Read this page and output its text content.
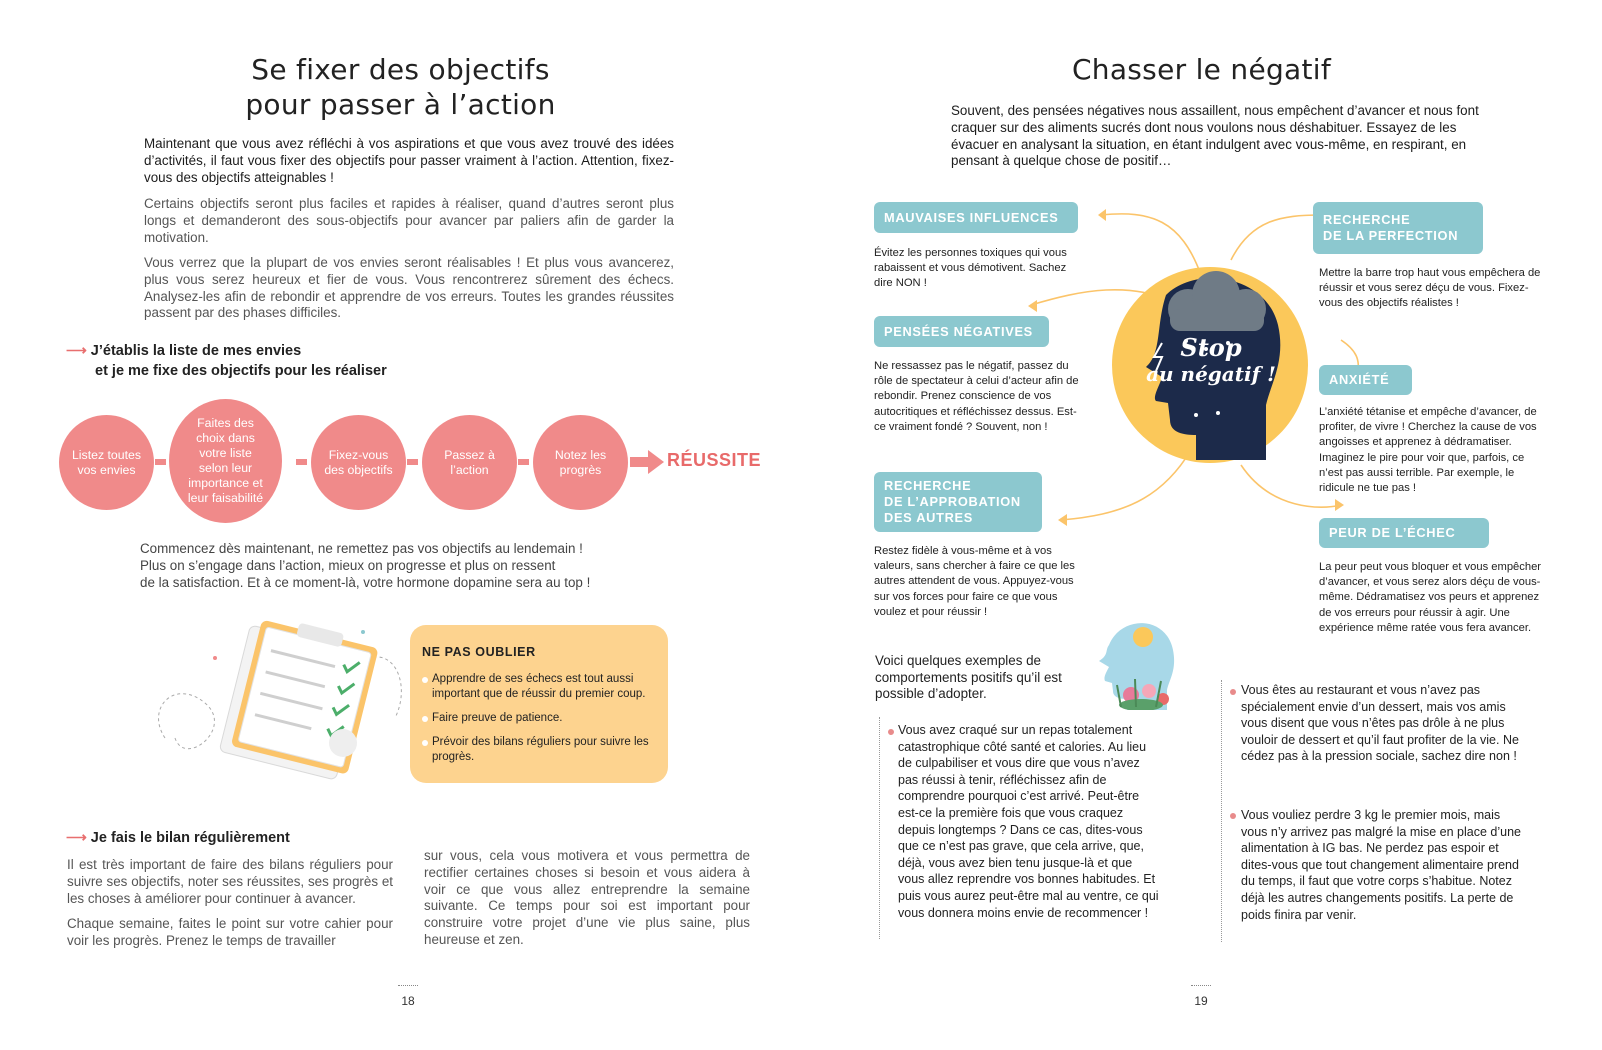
Se fixer des objectifs
pour passer à l’action
Maintenant que vous avez réfléchi à vos aspirations et que vous avez trouvé des idées d’activités, il faut vous fixer des objectifs pour passer vraiment à l’action. Attention, fixez-vous des objectifs atteignables !
Certains objectifs seront plus faciles et rapides à réaliser, quand d’autres seront plus longs et demanderont des sous-objectifs pour avancer par paliers afin de garder la motivation.
Vous verrez que la plupart de vos envies seront réalisables ! Et plus vous avancerez, plus vous serez heureux et fier de vous. Vous rencontrerez sûrement des échecs. Analysez-les afin de rebondir et apprendre de vos erreurs. Toutes les grandes réussites passent par des phases difficiles.
⟶ J’établis la liste de mes envies
et je me fixe des objectifs pour les réaliser
Listez toutes vos envies
Faites des choix dans votre liste selon leur importance et leur faisabilité
Fixez-vous des objectifs
Passez à l’action
Notez les progrès	RÉUSSITE
Commencez dès maintenant, ne remettez pas vos objectifs au lendemain !
Plus on s’engage dans l’action, mieux on progresse et plus on ressent
de la satisfaction. Et à ce moment-là, votre hormone dopamine sera au top !
NE PAS OUBLIER
Apprendre de ses échecs est tout aussi important que de réussir du premier coup.
Faire preuve de patience.
Prévoir des bilans réguliers pour suivre les progrès.
⟶ Je fais le bilan régulièrement
Il est très important de faire des bilans réguliers pour suivre ses objectifs, noter ses réussites, ses progrès et les choses à améliorer pour continuer à avancer.
Chaque semaine, faites le point sur votre cahier pour voir les progrès. Prenez le temps de travailler
sur vous, cela vous motivera et vous permettra de rectifier certaines choses si besoin et vous aidera à voir ce que vous allez entreprendre la semaine suivante. Ce temps pour soi est important pour construire votre projet d’une vie plus saine, plus heureuse et zen.
18
Chasser le négatif
Souvent, des pensées négatives nous assaillent, nous empêchent d’avancer et nous font craquer sur des aliments sucrés dont nous voulons nous déshabituer. Essayez de les évacuer en analysant la situation, en étant indulgent avec vous-même, en respirant, en pensant à quelque chose de positif…
Stop
au négatif !
MAUVAISES INFLUENCES
Évitez les personnes toxiques qui vous rabaissent et vous démotivent. Sachez dire NON !
PENSÉES NÉGATIVES
Ne ressassez pas le négatif, passez du rôle de spectateur à celui d’acteur afin de rebondir. Prenez conscience de vos autocritiques et réfléchissez dessus. Est-ce vraiment fondé ? Souvent, non !
RECHERCHE
DE L’APPROBATION
DES AUTRES
Restez fidèle à vous-même et à vos valeurs, sans chercher à faire ce que les autres attendent de vous. Appuyez-vous sur vos forces pour faire ce que vous voulez et pour réussir !
RECHERCHE
DE LA PERFECTION
Mettre la barre trop haut vous empêchera de réussir et vous serez déçu de vous. Fixez-vous des objectifs réalistes !
ANXIÉTÉ
L’anxiété tétanise et empêche d’avancer, de profiter, de vivre ! Cherchez la cause de vos angoisses et apprenez à dédramatiser. Imaginez le pire pour voir que, parfois, ce n’est pas aussi terrible. Par exemple, le ridicule ne tue pas !
PEUR DE L’ÉCHEC
La peur peut vous bloquer et vous empêcher d’avancer, et vous serez alors déçu de vous-même. Dédramatisez vos peurs et apprenez de vos erreurs pour réussir à agir. Une expérience même ratée vous fera avancer.
Voici quelques exemples de comportements positifs qu’il est possible d’adopter.
Vous avez craqué sur un repas totalement catastrophique côté santé et calories. Au lieu de culpabiliser et vous dire que vous n’avez pas réussi à tenir, réfléchissez afin de comprendre pourquoi c’est arrivé. Peut-être est-ce la première fois que vous craquez depuis longtemps ? Dans ce cas, dites-vous que ce n’est pas grave, que cela arrive, que, déjà, vous avez bien tenu jusque-là et que vous allez reprendre vos bonnes habitudes. Et puis vous aurez peut-être mal au ventre, ce qui vous donnera moins envie de recommencer !
Vous êtes au restaurant et vous n’avez pas spécialement envie d’un dessert, mais vos amis vous disent que vous n’êtes pas drôle à ne plus vouloir de dessert et qu’il faut profiter de la vie. Ne cédez pas à la pression sociale, sachez dire non !
Vous vouliez perdre 3 kg le premier mois, mais vous n’y arrivez pas malgré la mise en place d’une alimentation à IG bas. Ne perdez pas espoir et dites-vous que tout changement alimentaire prend du temps, il faut que votre corps s’habitue. Notez déjà les autres changements positifs. La perte de poids finira par venir.
19
